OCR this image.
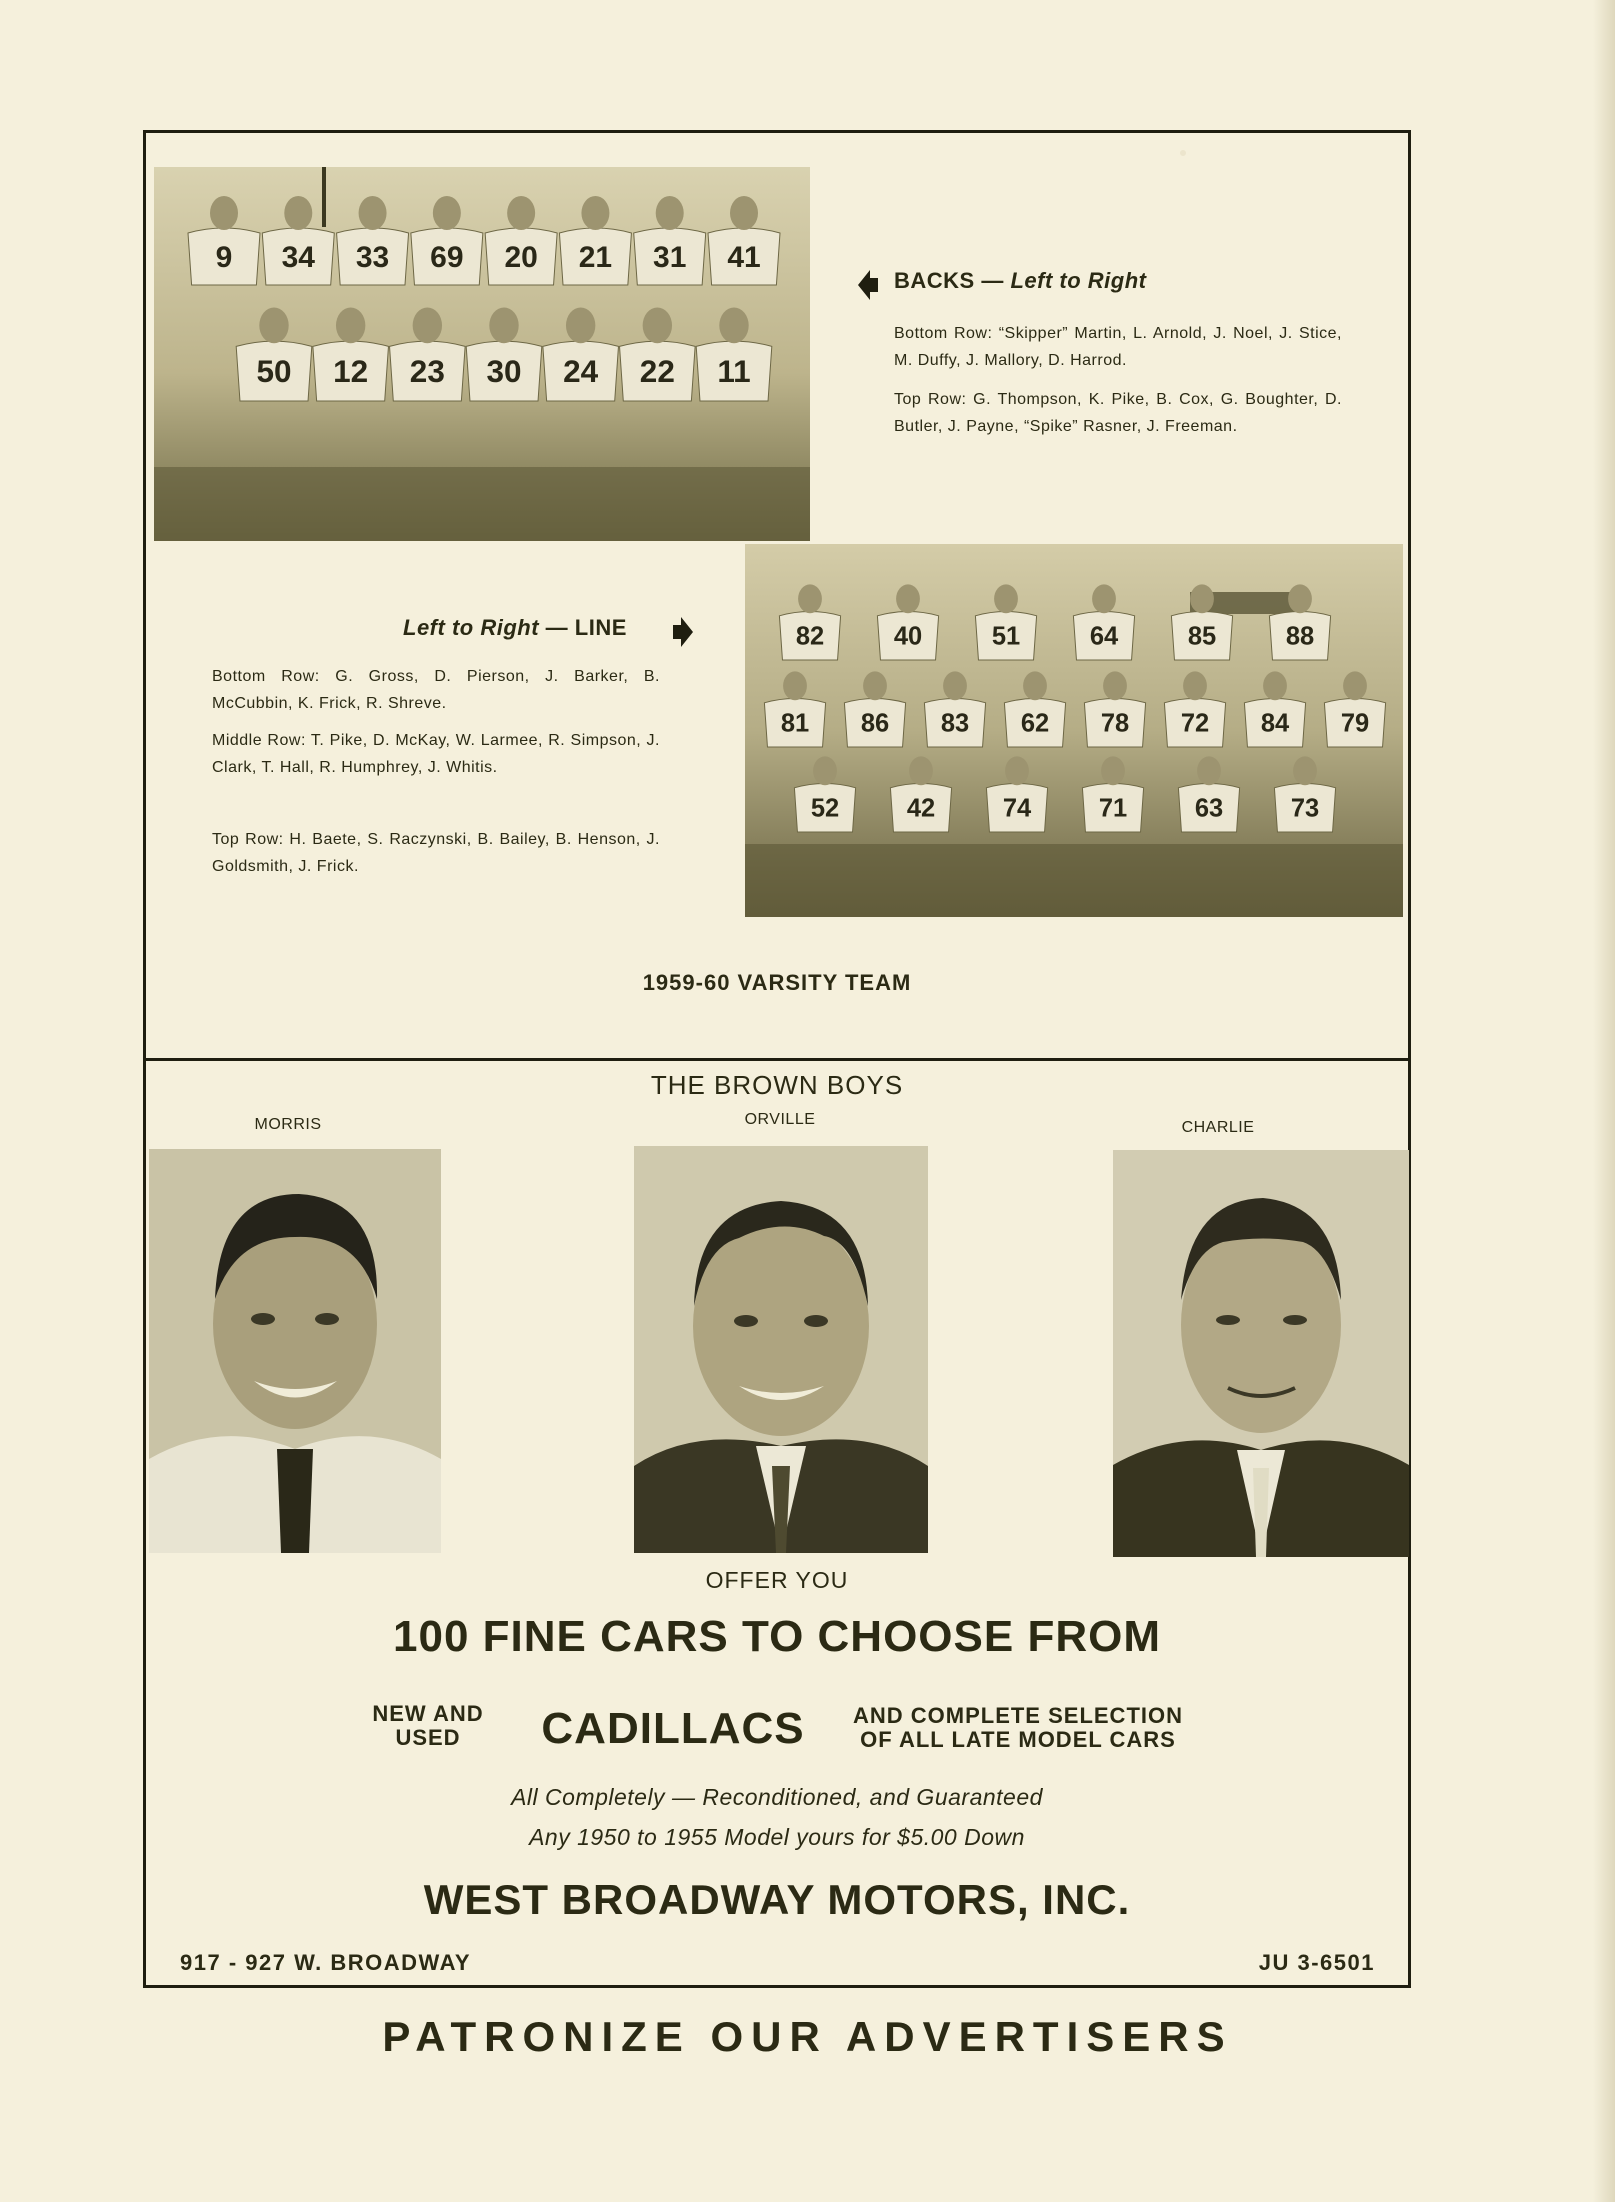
9 34 33 69 20 21 31 41
50 12 23 30 24 22 11
BACKS — Left to Right
Bottom Row: “Skipper” Martin, L. Arnold, J. Noel, J. Stice, M. Duffy, J. Mallory, D. Harrod.
Top Row: G. Thompson, K. Pike, B. Cox, G. Boughter, D. Butler, J. Payne, “Spike” Rasner, J. Freeman.
82	40	51	64	85	88
81 86 83 62 78 72 84 79
52	42	74	71	63	73
Left to Right — LINE
Bottom Row: G. Gross, D. Pierson, J. Barker, B. McCubbin, K. Frick, R. Shreve.
Middle Row: T. Pike, D. McKay, W. Larmee, R. Simpson, J. Clark, T. Hall, R. Humphrey, J. Whitis.
Top Row: H. Baete, S. Raczynski, B. Bailey, B. Henson, J. Goldsmith, J. Frick.
1959-60 VARSITY TEAM
THE BROWN BOYS
MORRIS	ORVILLE	CHARLIE
OFFER YOU
100 FINE CARS TO CHOOSE FROM
NEW AND
USED	CADILLACS	AND COMPLETE SELECTION
OF ALL LATE MODEL CARS
All Completely — Reconditioned, and Guaranteed
Any 1950 to 1955 Model yours for $5.00 Down
WEST BROADWAY MOTORS, INC.
917 - 927 W. BROADWAY	JU 3-6501
PATRONIZE OUR ADVERTISERS
